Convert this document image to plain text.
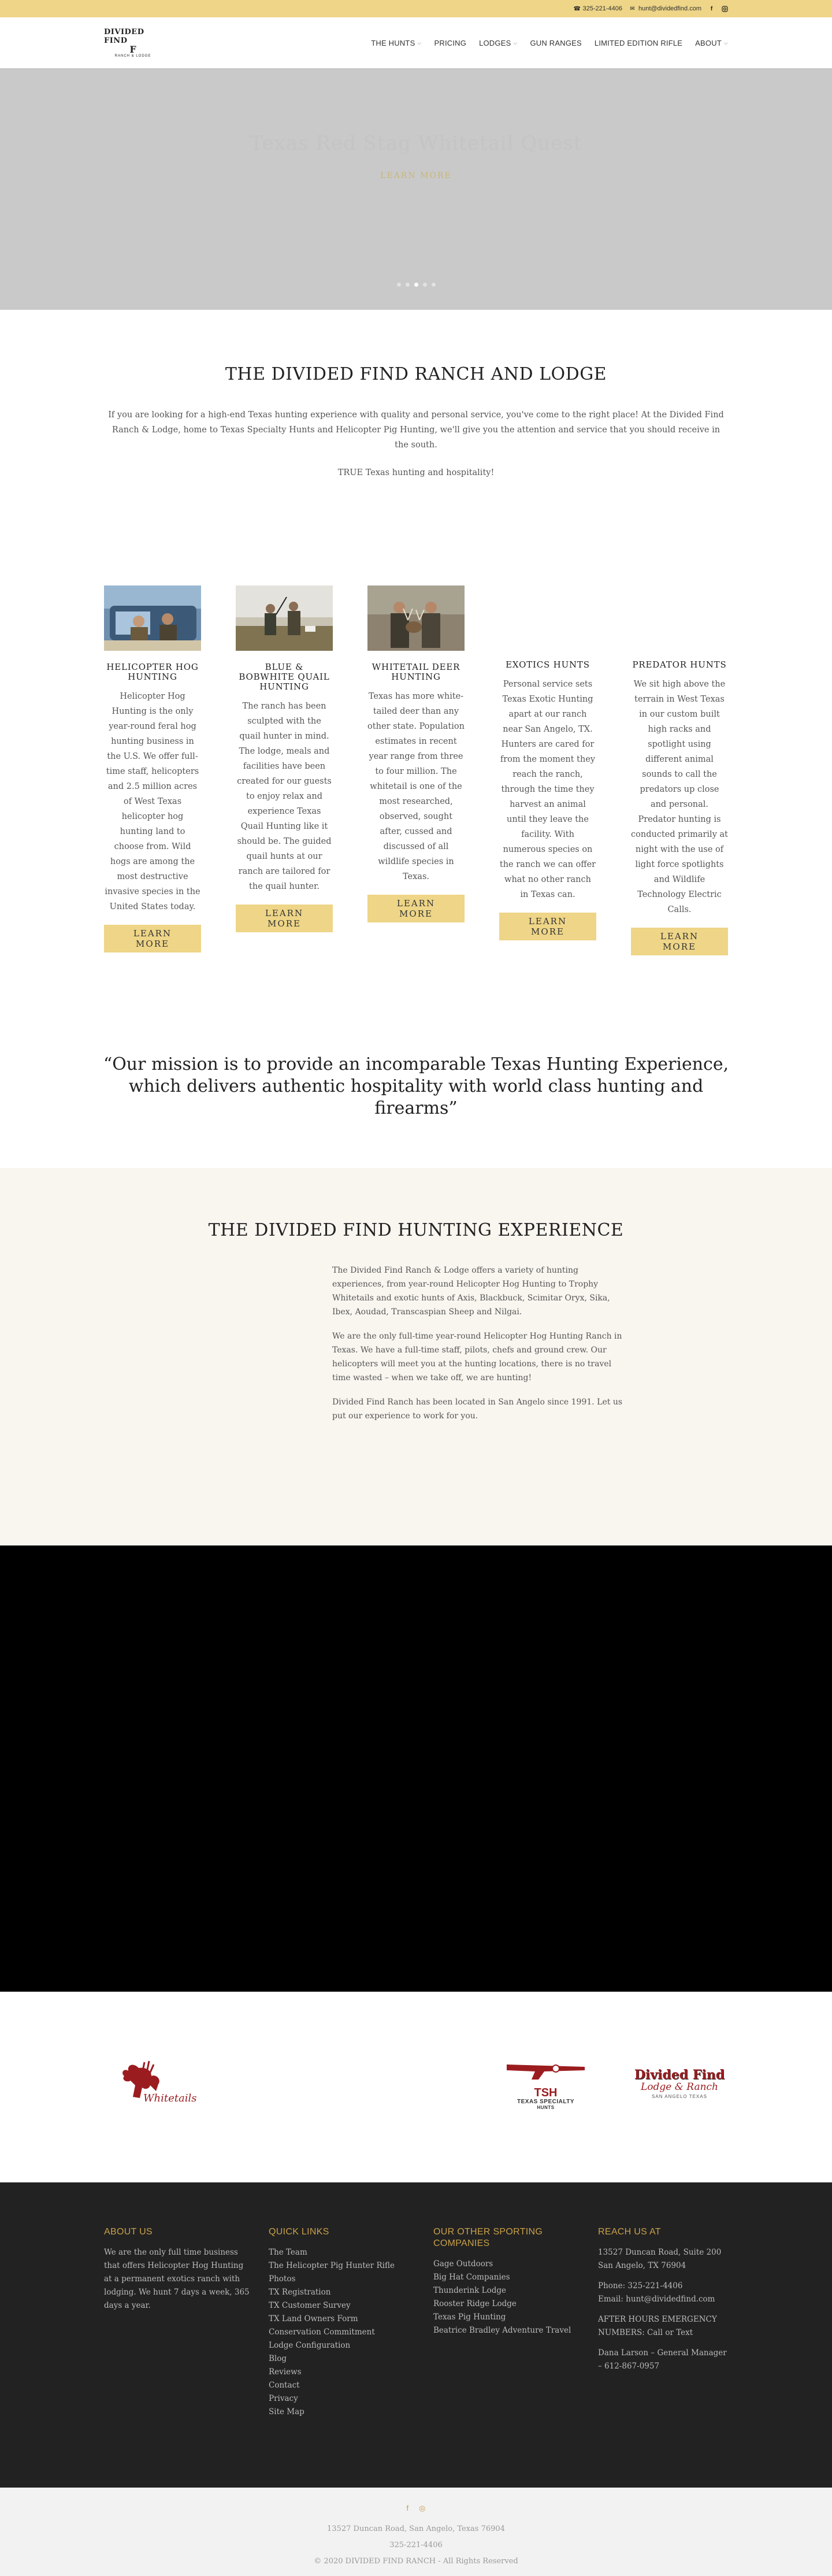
☎ 325-221-4406 ✉ hunt@dividedfind.com	f
DIVIDED FIND
F
RANCH & LODGE
THE HUNTS ⌵ PRICING LODGES ⌵ GUN RANGES LIMITED EDITION RIFLE ABOUT ⌵
Texas Red Stag Whitetail Quest
LEARN MORE
THE DIVIDED FIND RANCH AND LODGE

If you are looking for a high-end Texas hunting experience with quality and personal service, you've come to the right place! At the Divided Find Ranch & Lodge, home to Texas Specialty Hunts and Helicopter Pig Hunting, we'll give you the attention and service that you should receive in the south.

TRUE Texas hunting and hospitality!

HELICOPTER HOG HUNTING

Helicopter Hog Hunting is the only year-round feral hog hunting business in the U.S. We offer full-time staff, helicopters and 2.5 million acres of West Texas helicopter hog hunting land to choose from. Wild hogs are among the most destructive invasive species in the United States today.

LEARN MORE
BLUE & BOBWHITE QUAIL HUNTING

The ranch has been sculpted with the quail hunter in mind. The lodge, meals and facilities have been created for our guests to enjoy relax and experience Texas Quail Hunting like it should be. The guided quail hunts at our ranch are tailored for the quail hunter.

LEARN MORE
WHITETAIL DEER HUNTING

Texas has more white-tailed deer than any other state. Population estimates in recent year range from three to four million. The whitetail is one of the most researched, observed, sought after, cussed and discussed of all wildlife species in Texas.

LEARN MORE
EXOTICS HUNTS

Personal service sets Texas Exotic Hunting apart at our ranch near San Angelo, TX. Hunters are cared for from the moment they reach the ranch, through the time they harvest an animal until they leave the facility. With numerous species on the ranch we can offer what no other ranch in Texas can.

LEARN MORE
PREDATOR HUNTS

We sit high above the terrain in West Texas in our custom built high racks and spotlight using different animal sounds to call the predators up close and personal. Predator hunting is conducted primarily at night with the use of light force spotlights and Wildlife Technology Electric Calls.

LEARN MORE

“Our mission is to provide an incomparable Texas Hunting Experience, which delivers authentic hospitality with world class hunting and firearms”

THE DIVIDED FIND HUNTING EXPERIENCE

The Divided Find Ranch & Lodge offers a variety of hunting experiences, from year-round Helicopter Hog Hunting to Trophy Whitetails and exotic hunts of Axis, Blackbuck, Scimitar Oryx, Sika, Ibex, Aoudad, Transcaspian Sheep and Nilgai.

We are the only full-time year-round Helicopter Hog Hunting Ranch in Texas. We have a full-time staff, pilots, chefs and ground crew. Our helicopters will meet you at the hunting locations, there is no travel time wasted – when we take off, we are hunting!

Divided Find Ranch has been located in San Angelo since 1991. Let us put our experience to work for you.

Whitetails	TSH
TEXAS SPECIALTY
HUNTS
Divided Find
Lodge & Ranch
SAN ANGELO TEXAS
ABOUT US

We are the only full time business that offers Helicopter Hog Hunting at a permanent exotics ranch with lodging. We hunt 7 days a week, 365 days a year.

QUICK LINKS
The Team
The Helicopter Pig Hunter Rifle
Photos
TX Registration
TX Customer Survey
TX Land Owners Form
Conservation Commitment
Lodge Configuration
Blog
Reviews
Contact
Privacy
Site Map
OUR OTHER SPORTING COMPANIES
Gage Outdoors
Big Hat Companies
Thunderink Lodge
Rooster Ridge Lodge
Texas Pig Hunting
Beatrice Bradley Adventure Travel
REACH US AT

13527 Duncan Road, Suite 200

San Angelo, TX 76904

Phone: 325-221-4406

Email: hunt@dividedfind.com

AFTER HOURS EMERGENCY NUMBERS: Call or Text

Dana Larson – General Manager – 612-867-0957

f ◎

13527 Duncan Road, San Angelo, Texas 76904

325-221-4406

© 2020 DIVIDED FIND RANCH - All Rights Reserved
